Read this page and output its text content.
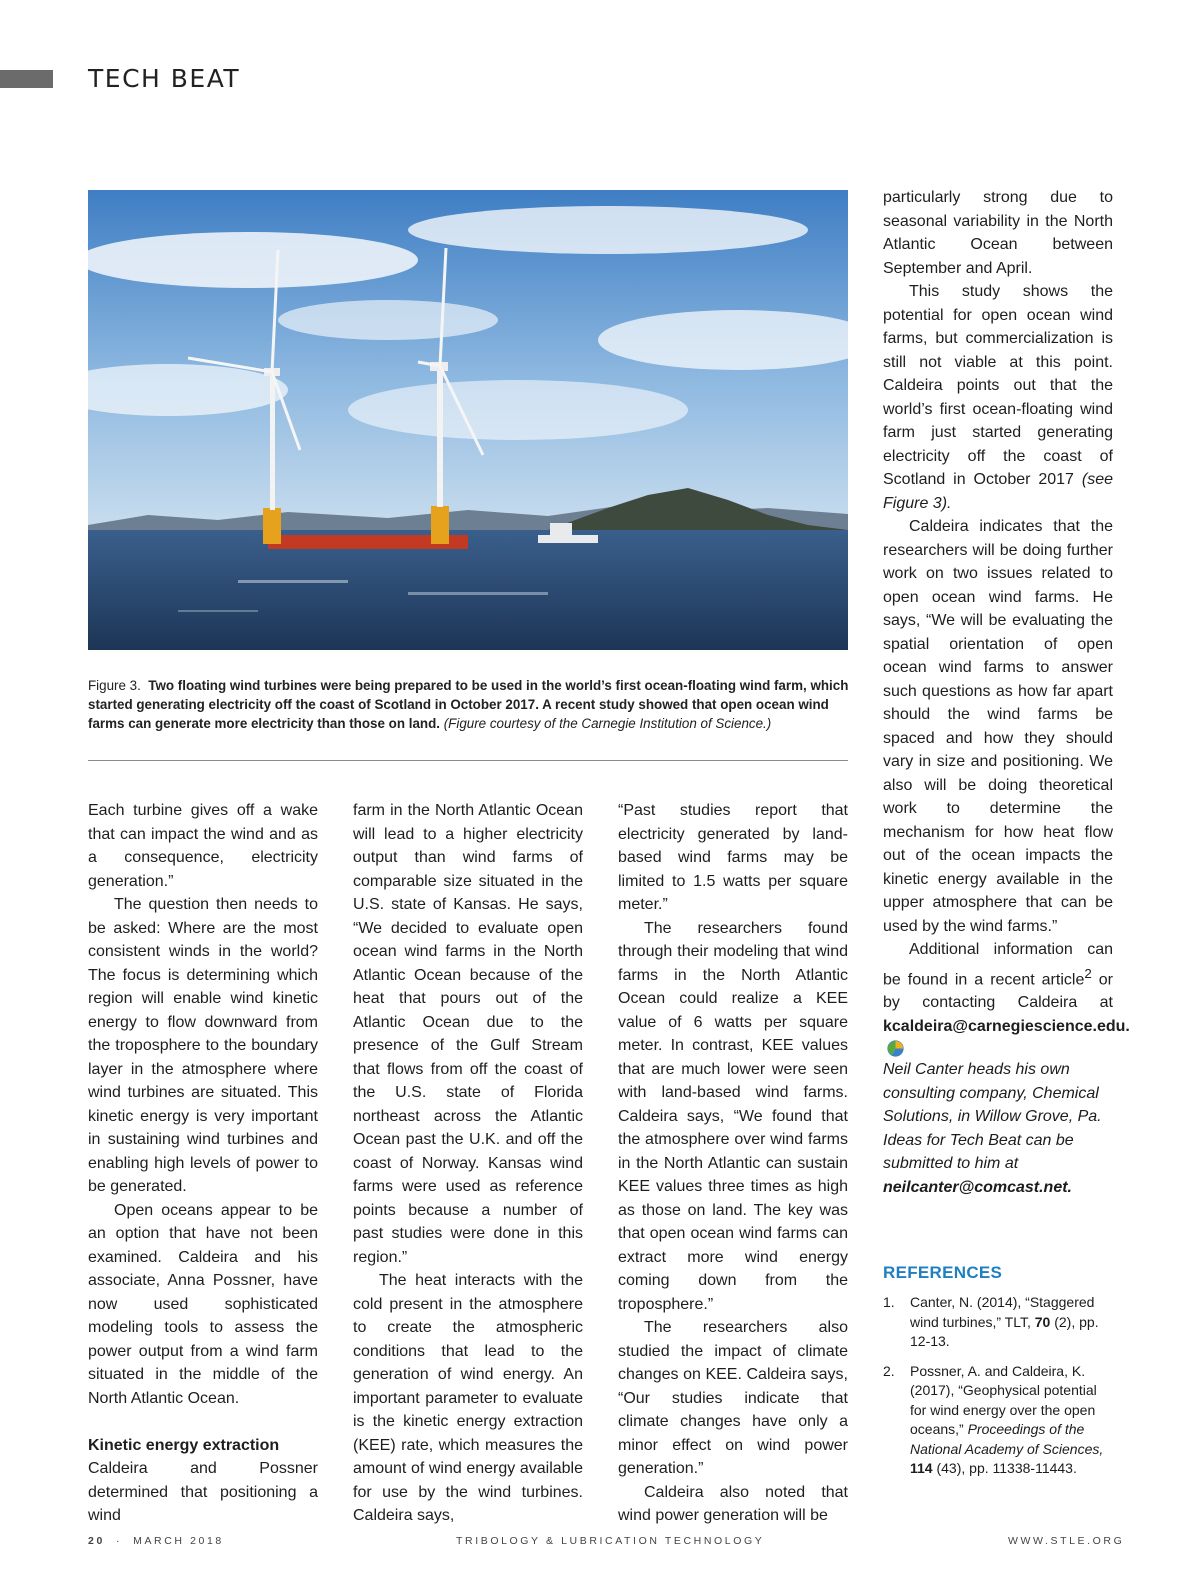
TECH BEAT
Figure 3. Two floating wind turbines were being prepared to be used in the world’s first ocean-floating wind farm, which started generating electricity off the coast of Scotland in October 2017. A recent study showed that open ocean wind farms can generate more electricity than those on land. (Figure courtesy of the Carnegie Institution of Science.)

Each turbine gives off a wake that can impact the wind and as a consequence, electricity generation.”

The question then needs to be asked: Where are the most consistent winds in the world? The focus is determining which region will enable wind kinetic energy to flow downward from the troposphere to the boundary layer in the atmosphere where wind turbines are situated. This kinetic energy is very important in sustaining wind turbines and enabling high levels of power to be generated.

Open oceans appear to be an option that have not been examined. Caldeira and his associate, Anna Possner, have now used sophisticated modeling tools to assess the power output from a wind farm situated in the middle of the North Atlantic Ocean.

Kinetic energy extraction

Caldeira and Possner determined that positioning a wind

farm in the North Atlantic Ocean will lead to a higher electricity output than wind farms of comparable size situated in the U.S. state of Kansas. He says, “We decided to evaluate open ocean wind farms in the North Atlantic Ocean because of the heat that pours out of the Atlantic Ocean due to the presence of the Gulf Stream that flows from off the coast of the U.S. state of Florida northeast across the Atlantic Ocean past the U.K. and off the coast of Norway. Kansas wind farms were used as reference points because a number of past studies were done in this region.”

The heat interacts with the cold present in the atmosphere to create the atmospheric conditions that lead to the generation of wind energy. An important parameter to evaluate is the kinetic energy extraction (KEE) rate, which measures the amount of wind energy available for use by the wind turbines. Caldeira says,

“Past studies report that electricity generated by land-based wind farms may be limited to 1.5 watts per square meter.”

The researchers found through their modeling that wind farms in the North Atlantic Ocean could realize a KEE value of 6 watts per square meter. In contrast, KEE values that are much lower were seen with land-based wind farms. Caldeira says, “We found that the atmosphere over wind farms in the North Atlantic can sustain KEE values three times as high as those on land. The key was that open ocean wind farms can extract more wind energy coming down from the troposphere.”

The researchers also studied the impact of climate changes on KEE. Caldeira says, “Our studies indicate that climate changes have only a minor effect on wind power generation.”

Caldeira also noted that wind power generation will be

particularly strong due to seasonal variability in the North Atlantic Ocean between September and April.

This study shows the potential for open ocean wind farms, but commercialization is still not viable at this point. Caldeira points out that the world’s first ocean-floating wind farm just started generating electricity off the coast of Scotland in October 2017 (see Figure 3).

Caldeira indicates that the researchers will be doing further work on two issues related to open ocean wind farms. He says, “We will be evaluating the spatial orientation of open ocean wind farms to answer such questions as how far apart should the wind farms be spaced and how they should vary in size and positioning. We also will be doing theoretical work to determine the mechanism for how heat flow out of the ocean impacts the kinetic energy available in the upper atmosphere that can be used by the wind farms.”

Additional information can be found in a recent article$^2$ or by contacting Caldeira at kcaldeira@carnegiescience.edu.

Neil Canter heads his own consulting company, Chemical Solutions, in Willow Grove, Pa. Ideas for Tech Beat can be submitted to him at neilcanter@comcast.net.
REFERENCES
1. Canter, N. (2014), “Staggered wind turbines,” TLT, 70 (2), pp. 12-13.
2. Possner, A. and Caldeira, K. (2017), “Geophysical potential for wind energy over the open oceans,” Proceedings of the National Academy of Sciences, 114 (43), pp. 11338-11443.
20 · MARCH 2018	TRIBOLOGY & LUBRICATION TECHNOLOGY	WWW.STLE.ORG
